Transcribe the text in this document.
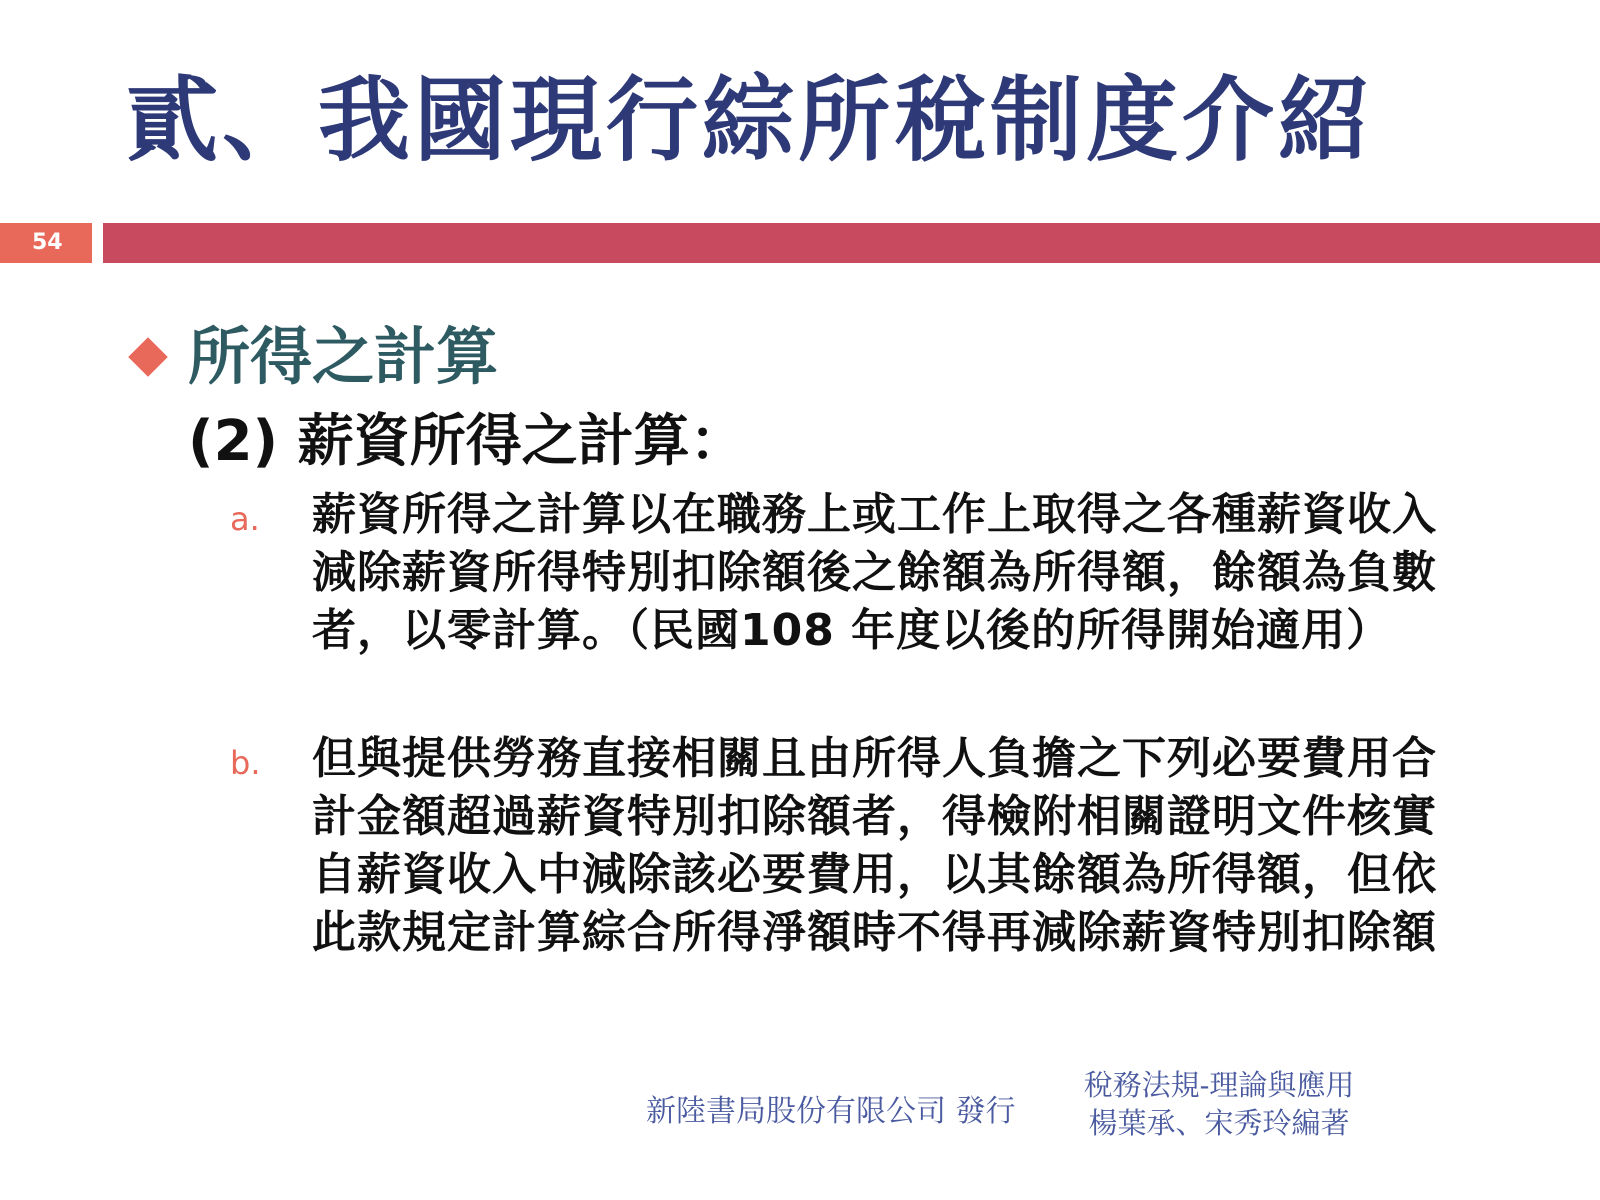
貳、我國現行綜所稅制度介紹
54
所得之計算
(2) 薪資所得之計算：
a.	薪資所得之計算以在職務上或工作上取得之各種薪資收入減除薪資所得特別扣除額後之餘額為所得額，餘額為負數者，以零計算。（民國108 年度以後的所得開始適用）
b.	但與提供勞務直接相關且由所得人負擔之下列必要費用合計金額超過薪資特別扣除額者，得檢附相關證明文件核實自薪資收入中減除該必要費用，以其餘額為所得額，但依此款規定計算綜合所得淨額時不得再減除薪資特別扣除額
新陸書局股份有限公司 發行
稅務法規-理論與應用
楊葉承、宋秀玲編著
